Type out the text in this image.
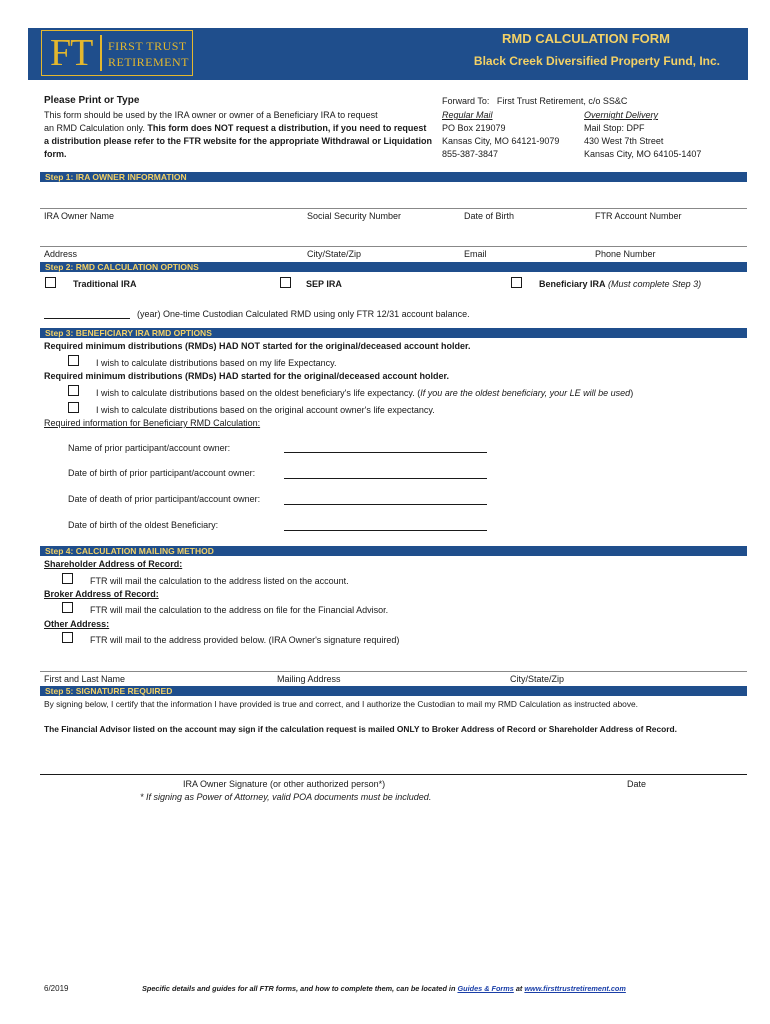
FT FIRST TRUST
RETIREMENT
RMD CALCULATION FORM
Black Creek Diversified Property Fund, Inc.
Please Print or Type
This form should be used by the IRA owner or owner of a Beneficiary IRA to request
an RMD Calculation only. This form does NOT request a distribution, if you need to request
a distribution please refer to the FTR website for the appropriate Withdrawal or Liquidation
form.
Forward To: First Trust Retirement, c/o SS&C
Regular Mail
PO Box 219079
Kansas City, MO 64121-9079
855-387-3847
Overnight Delivery
Mail Stop: DPF
430 West 7th Street
Kansas City, MO 64105-1407
Step 1: IRA OWNER INFORMATION
IRA Owner Name	Social Security Number	Date of Birth	FTR Account Number
Address	City/State/Zip	Email	Phone Number
Step 2: RMD CALCULATION OPTIONS
Traditional IRA	SEP IRA	Beneficiary IRA (Must complete Step 3)
(year) One-time Custodian Calculated RMD using only FTR 12/31 account balance.
Step 3: BENEFICIARY IRA RMD OPTIONS
Required minimum distributions (RMDs) HAD NOT started for the original/deceased account holder.
I wish to calculate distributions based on my life Expectancy.
Required minimum distributions (RMDs) HAD started for the original/deceased account holder.
I wish to calculate distributions based on the oldest beneficiary's life expectancy. (If you are the oldest beneficiary, your LE will be used)
I wish to calculate distributions based on the original account owner's life expectancy.
Required information for Beneficiary RMD Calculation:
Name of prior participant/account owner:
Date of birth of prior participant/account owner:
Date of death of prior participant/account owner:
Date of birth of the oldest Beneficiary:
Step 4: CALCULATION MAILING METHOD
Shareholder Address of Record:
FTR will mail the calculation to the address listed on the account.
Broker Address of Record:
FTR will mail the calculation to the address on file for the Financial Advisor.
Other Address:
FTR will mail to the address provided below. (IRA Owner's signature required)
First and Last Name	Mailing Address	City/State/Zip
Step 5: SIGNATURE REQUIRED
By signing below, I certify that the information I have provided is true and correct, and I authorize the Custodian to mail my RMD Calculation as instructed above.
The Financial Advisor listed on the account may sign if the calculation request is mailed ONLY to Broker Address of Record or Shareholder Address of Record.
IRA Owner Signature (or other authorized person*)	Date
* If signing as Power of Attorney, valid POA documents must be included.
6/2019	Specific details and guides for all FTR forms, and how to complete them, can be located in Guides & Forms at www.firsttrustretirement.com
